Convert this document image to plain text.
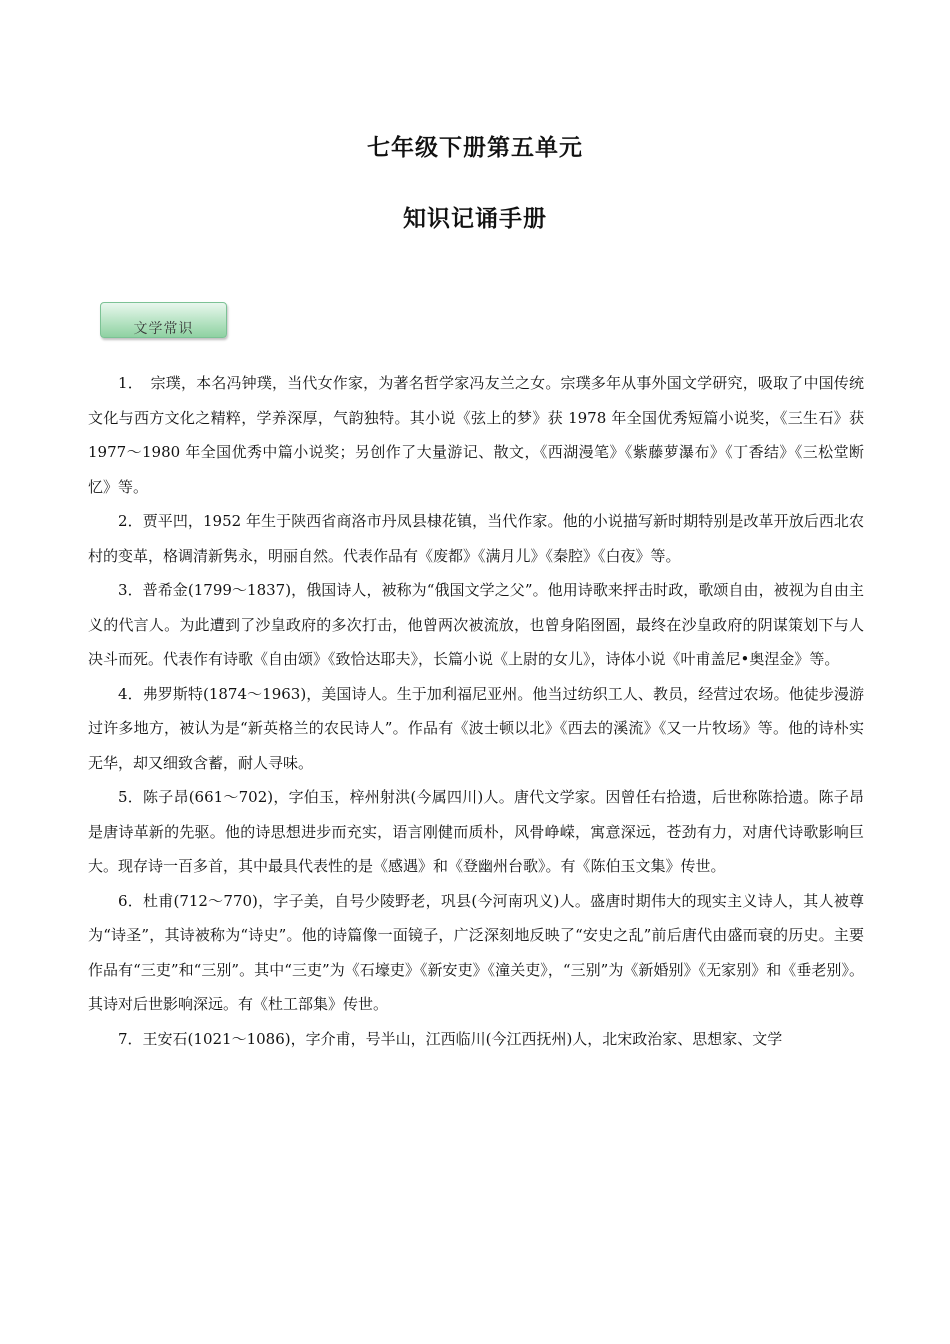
七年级下册第五单元
知识记诵手册
文学常识

1．　宗璞，本名冯钟璞，当代女作家，为著名哲学家冯友兰之女。宗璞多年从事外国文学研究，吸取了中国传统文化与西方文化之精粹，学养深厚，气韵独特。其小说《弦上的梦》获 1978 年全国优秀短篇小说奖，《三生石》获 1977～1980 年全国优秀中篇小说奖；另创作了大量游记、散文，《西湖漫笔》《紫藤萝瀑布》《丁香结》《三松堂断忆》等。

2．贾平凹，1952 年生于陕西省商洛市丹凤县棣花镇，当代作家。他的小说描写新时期特别是改革开放后西北农村的变革，格调清新隽永，明丽自然。代表作品有《废都》《满月儿》《秦腔》《白夜》等。

3．普希金(1799～1837)，俄国诗人，被称为“俄国文学之父”。他用诗歌来抨击时政，歌颂自由，被视为自由主义的代言人。为此遭到了沙皇政府的多次打击，他曾两次被流放，也曾身陷囹圄，最终在沙皇政府的阴谋策划下与人决斗而死。代表作有诗歌《自由颂》《致恰达耶夫》，长篇小说《上尉的女儿》，诗体小说《叶甫盖尼•奥涅金》等。

4．弗罗斯特(1874～1963)，美国诗人。生于加利福尼亚州。他当过纺织工人、教员，经营过农场。他徒步漫游过许多地方，被认为是“新英格兰的农民诗人”。作品有《波士顿以北》《西去的溪流》《又一片牧场》等。他的诗朴实无华，却又细致含蓄，耐人寻味。

5．陈子昂(661～702)，字伯玉，梓州射洪(今属四川)人。唐代文学家。因曾任右拾遗，后世称陈拾遗。陈子昂是唐诗革新的先驱。他的诗思想进步而充实，语言刚健而质朴，风骨峥嵘，寓意深远，苍劲有力，对唐代诗歌影响巨大。现存诗一百多首，其中最具代表性的是《感遇》和《登幽州台歌》。有《陈伯玉文集》传世。

6．杜甫(712～770)，字子美，自号少陵野老，巩县(今河南巩义)人。盛唐时期伟大的现实主义诗人，其人被尊为“诗圣”，其诗被称为“诗史”。他的诗篇像一面镜子，广泛深刻地反映了“安史之乱”前后唐代由盛而衰的历史。主要作品有“三吏”和“三别”。其中“三吏”为《石壕吏》《新安吏》《潼关吏》，“三别”为《新婚别》《无家别》和《垂老别》。其诗对后世影响深远。有《杜工部集》传世。

7．王安石(1021～1086)，字介甫，号半山，江西临川(今江西抚州)人，北宋政治家、思想家、文学
